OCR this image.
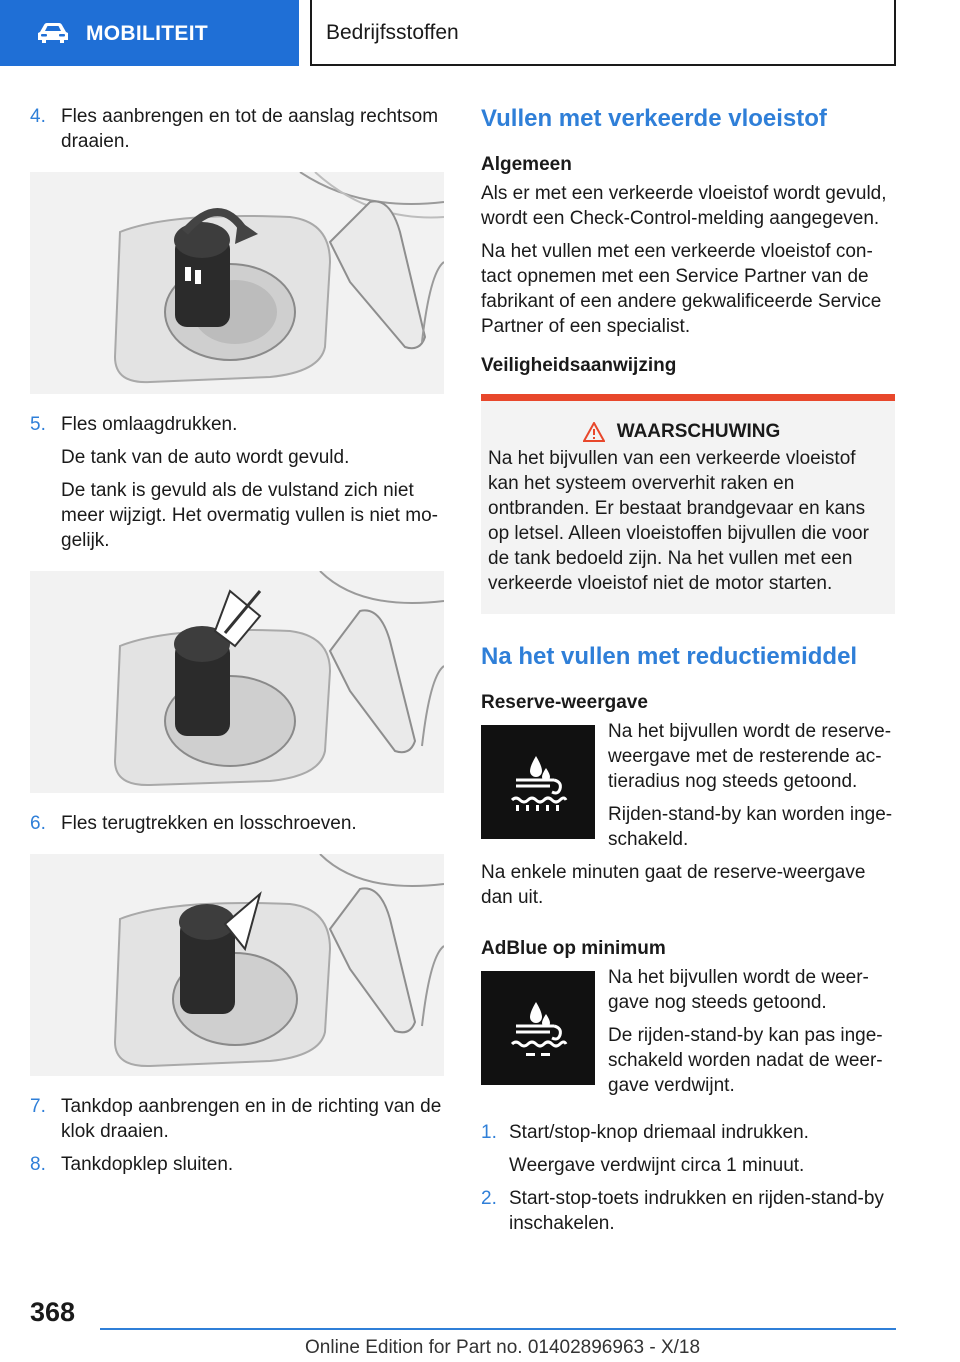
MOBILITEIT	Bedrijfsstoffen
4. Fles aanbrengen en tot de aanslag rechtsom draaien.
5. Fles omlaagdrukken.
De tank van de auto wordt gevuld.
De tank is gevuld als de vulstand zich niet meer wijzigt. Het overmatig vullen is niet mo-gelijk.
6. Fles terugtrekken en losschroeven.
7. Tankdop aanbrengen en in de richting van de klok draaien.
8. Tankdopklep sluiten.
Vullen met verkeerde vloeistof
Algemeen
Als er met een verkeerde vloeistof wordt gevuld, wordt een Check-Control-melding aangegeven.
Na het vullen met een verkeerde vloeistof con-tact opnemen met een Service Partner van de fabrikant of een andere gekwalificeerde Service Partner of een specialist.
Veiligheidsaanwijzing
WAARSCHUWING
Na het bijvullen van een verkeerde vloeistof kan het systeem oververhit raken en ontbranden. Er bestaat brandgevaar en kans op letsel. Alleen vloeistoffen bijvullen die voor de tank bedoeld zijn. Na het vullen met een verkeerde vloeistof niet de motor starten.
Na het vullen met reductiemiddel
Reserve-weergave
Na het bijvullen wordt de reserve-weergave met de resterende ac-tieradius nog steeds getoond.
Rijden-stand-by kan worden inge-schakeld.
Na enkele minuten gaat de reserve-weergave dan uit.
AdBlue op minimum
Na het bijvullen wordt de weer-gave nog steeds getoond.
De rijden-stand-by kan pas inge-schakeld worden nadat de weer-gave verdwijnt.
1. Start/stop-knop driemaal indrukken.
Weergave verdwijnt circa 1 minuut.
2. Start-stop-toets indrukken en rijden-stand-by inschakelen.
368
Online Edition for Part no. 01402896963 - X/18
